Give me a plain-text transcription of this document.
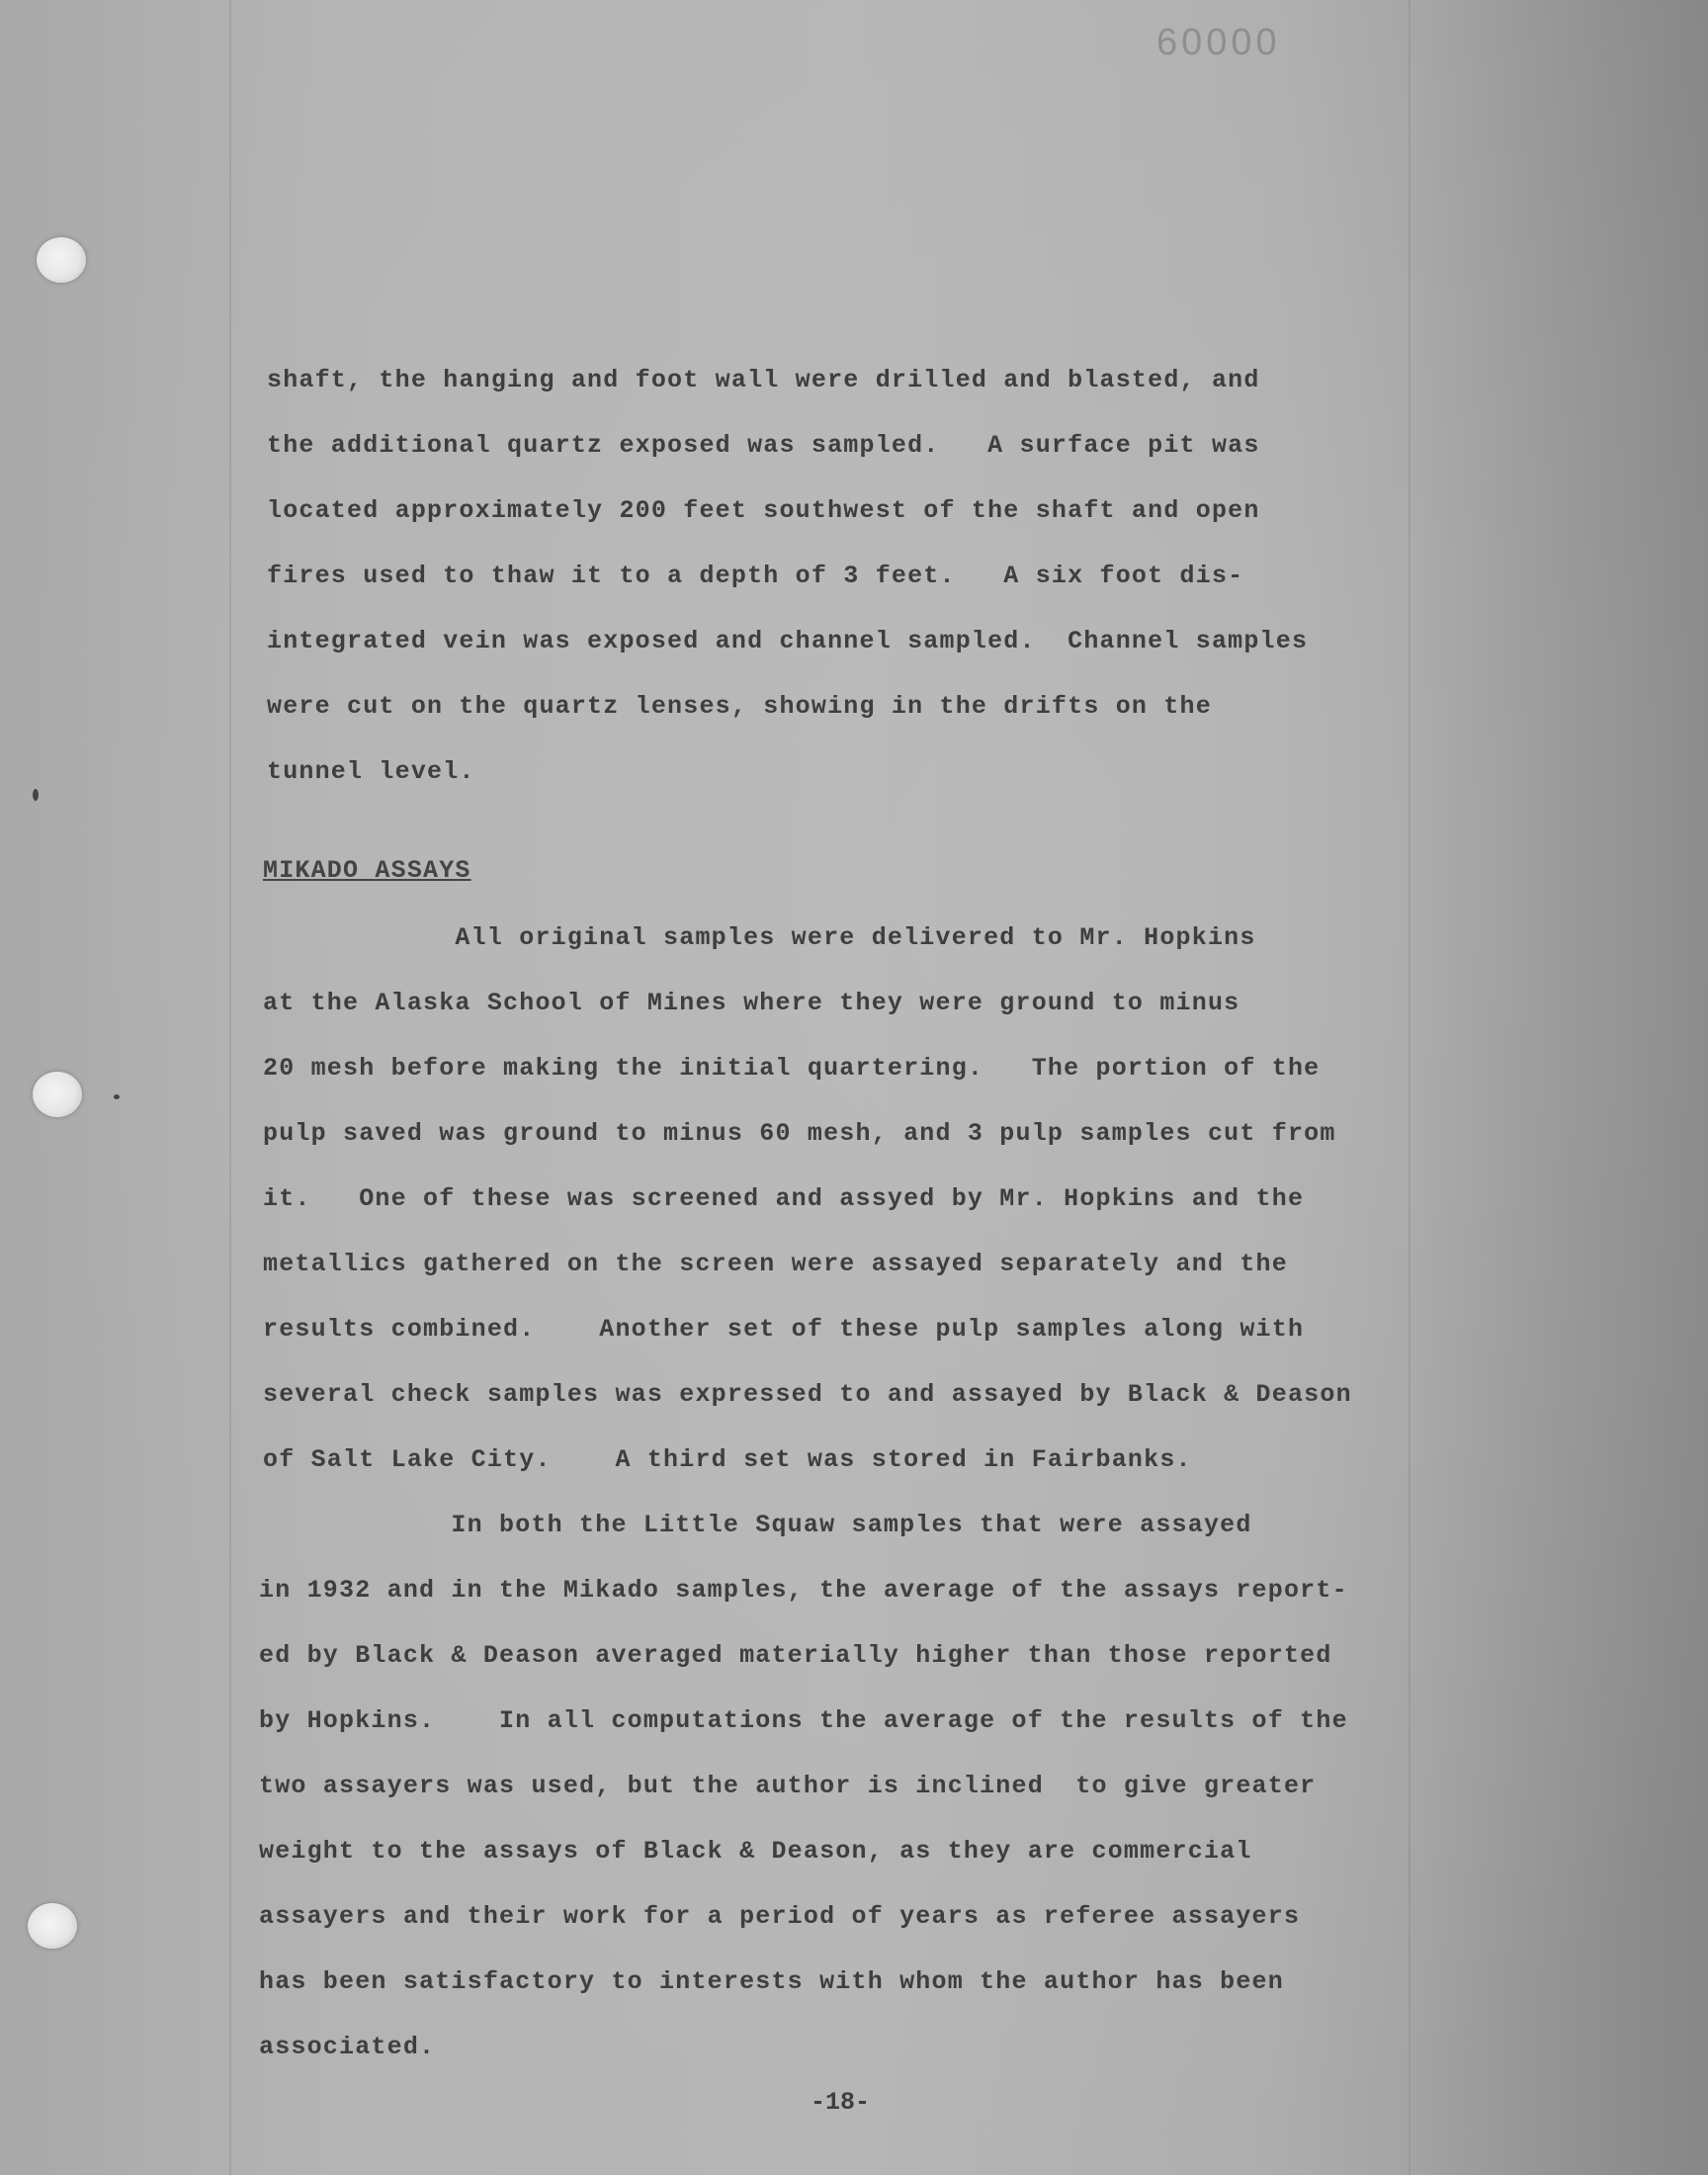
60000
shaft, the hanging and foot wall were drilled and blasted, and
the additional quartz exposed was sampled.   A surface pit was
located approximately 200 feet southwest of the shaft and open
fires used to thaw it to a depth of 3 feet.   A six foot dis-
integrated vein was exposed and channel sampled.  Channel samples
were cut on the quartz lenses, showing in the drifts on the
tunnel level.
MIKADO ASSAYS
All original samples were delivered to Mr. Hopkins
at the Alaska School of Mines where they were ground to minus
20 mesh before making the initial quartering.   The portion of the
pulp saved was ground to minus 60 mesh, and 3 pulp samples cut from
it.   One of these was screened and assyed by Mr. Hopkins and the
metallics gathered on the screen were assayed separately and the
results combined.    Another set of these pulp samples along with
several check samples was expressed to and assayed by Black & Deason
of Salt Lake City.    A third set was stored in Fairbanks.
In both the Little Squaw samples that were assayed
in 1932 and in the Mikado samples, the average of the assays report-
ed by Black & Deason averaged materially higher than those reported
by Hopkins.    In all computations the average of the results of the
two assayers was used, but the author is inclined  to give greater
weight to the assays of Black & Deason, as they are commercial
assayers and their work for a period of years as referee assayers
has been satisfactory to interests with whom the author has been
associated.
-18-
